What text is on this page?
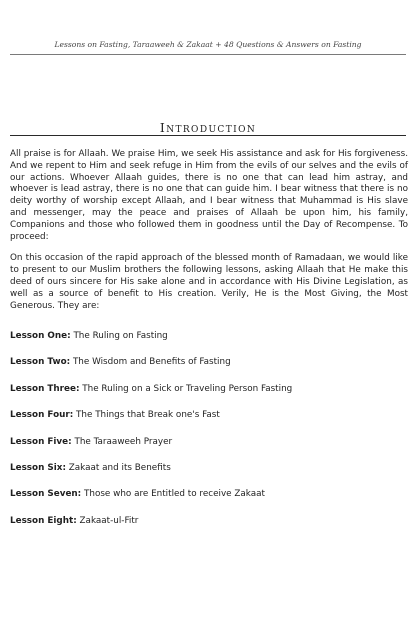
Lessons on Fasting, Taraaweeh & Zakaat + 48 Questions & Answers on Fasting
Introduction

All praise is for Allaah. We praise Him, we seek His assistance and ask for His forgiveness. And we repent to Him and seek refuge in Him from the evils of our selves and the evils of our actions. Whoever Allaah guides, there is no one that can lead him astray, and whoever is lead astray, there is no one that can guide him. I bear witness that there is no deity worthy of worship except Allaah, and I bear witness that Muhammad is His slave and messenger, may the peace and praises of Allaah be upon him, his family, Companions and those who followed them in goodness until the Day of Recompense. To proceed:

On this occasion of the rapid approach of the blessed month of Ramadaan, we would like to present to our Muslim brothers the following lessons, asking Allaah that He make this deed of ours sincere for His sake alone and in accordance with His Divine Legislation, as well as a source of benefit to His creation. Verily, He is the Most Giving, the Most Generous. They are:

Lesson One: The Ruling on Fasting
Lesson Two: The Wisdom and Benefits of Fasting
Lesson Three: The Ruling on a Sick or Traveling Person Fasting
Lesson Four: The Things that Break one's Fast
Lesson Five: The Taraaweeh Prayer
Lesson Six: Zakaat and its Benefits
Lesson Seven: Those who are Entitled to receive Zakaat
Lesson Eight: Zakaat-ul-Fitr
